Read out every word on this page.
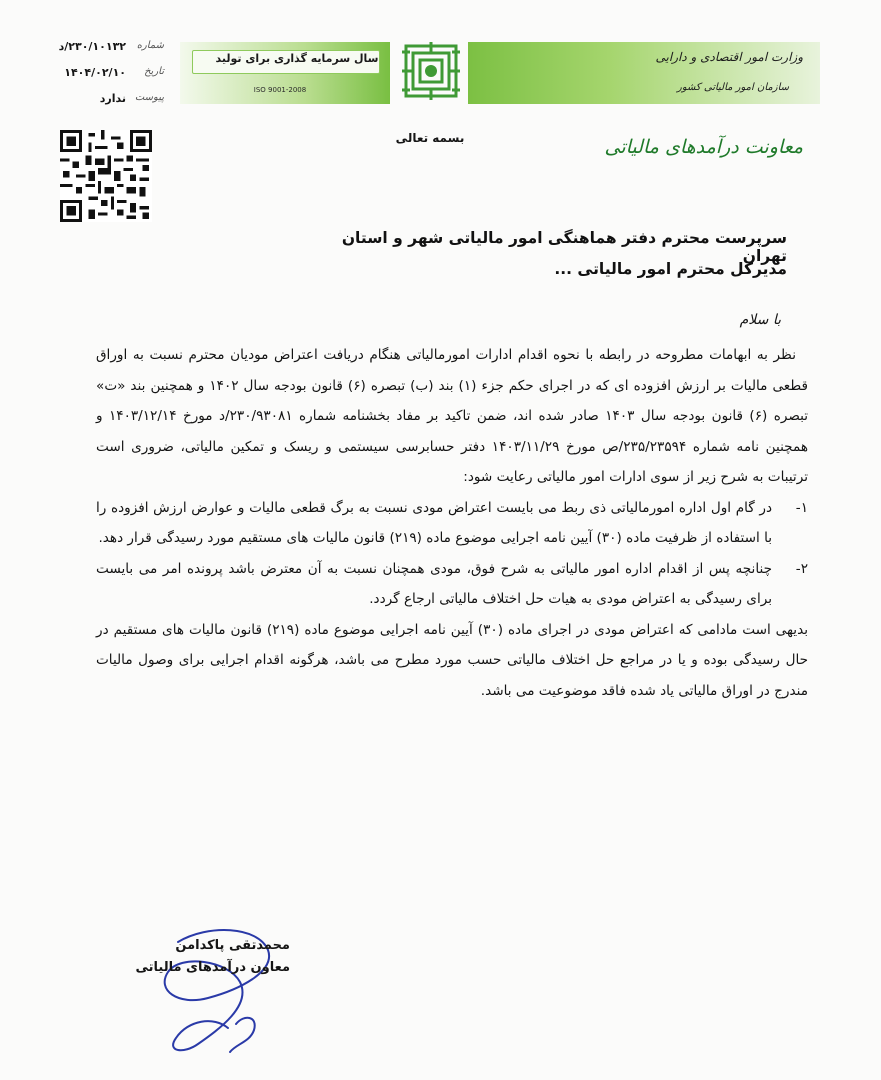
سال سرمایه گذاری برای تولید
ISO 9001-2008
وزارت امور اقتصادی و دارایی
سازمان امور مالیاتی کشور
معاونت درآمدهای مالیاتی
بسمه تعالی
۲۳۰/۱۰۱۳۲/د	شماره
۱۴۰۴/۰۲/۱۰	تاریخ
ندارد پیوست
سرپرست محترم دفتر هماهنگی امور مالیاتی شهر و استان تهران
مدیرکل محترم امور مالیاتی ...
با سلام

نظر به ابهامات مطروحه در رابطه با نحوه اقدام ادارات امورمالیاتی هنگام دریافت اعتراض مودیان محترم نسبت به اوراق قطعی مالیات بر ارزش افزوده ای که در اجرای حکم جزء (۱) بند (ب) تبصره (۶) قانون بودجه سال ۱۴۰۲ و همچنین بند «ت» تبصره (۶) قانون بودجه سال ۱۴۰۳ صادر شده اند، ضمن تاکید بر مفاد بخشنامه شماره ۲۳۰/۹۳۰۸۱/د مورخ ۱۴۰۳/۱۲/۱۴ و همچنین نامه شماره ۲۳۵/۲۳۵۹۴/ص مورخ ۱۴۰۳/۱۱/۲۹ دفتر حسابرسی سیستمی و ریسک و تمکین مالیاتی، ضروری است ترتیبات به شرح زیر از سوی ادارات امور مالیاتی رعایت شود:

۱-
در گام اول اداره امورمالیاتی ذی ربط می بایست اعتراض مودی نسبت به برگ قطعی مالیات و عوارض ارزش افزوده را با استفاده از ظرفیت ماده (۳۰) آیین نامه اجرایی موضوع ماده (۲۱۹) قانون مالیات های مستقیم مورد رسیدگی قرار دهد.
۲-
چنانچه پس از اقدام اداره امور مالیاتی به شرح فوق، مودی همچنان نسبت به آن معترض باشد پرونده امر می بایست برای رسیدگی به اعتراض مودی به هیات حل اختلاف مالیاتی ارجاع گردد.

بدیهی است مادامی که اعتراض مودی در اجرای ماده (۳۰) آیین نامه اجرایی موضوع ماده (۲۱۹) قانون مالیات های مستقیم در حال رسیدگی بوده و یا در مراجع حل اختلاف مالیاتی حسب مورد مطرح می باشد، هرگونه اقدام اجرایی برای وصول مالیات مندرج در اوراق مالیاتی یاد شده فاقد موضوعیت می باشد.

محمدتقی پاکدامن
معاون درآمدهای مالیاتی
